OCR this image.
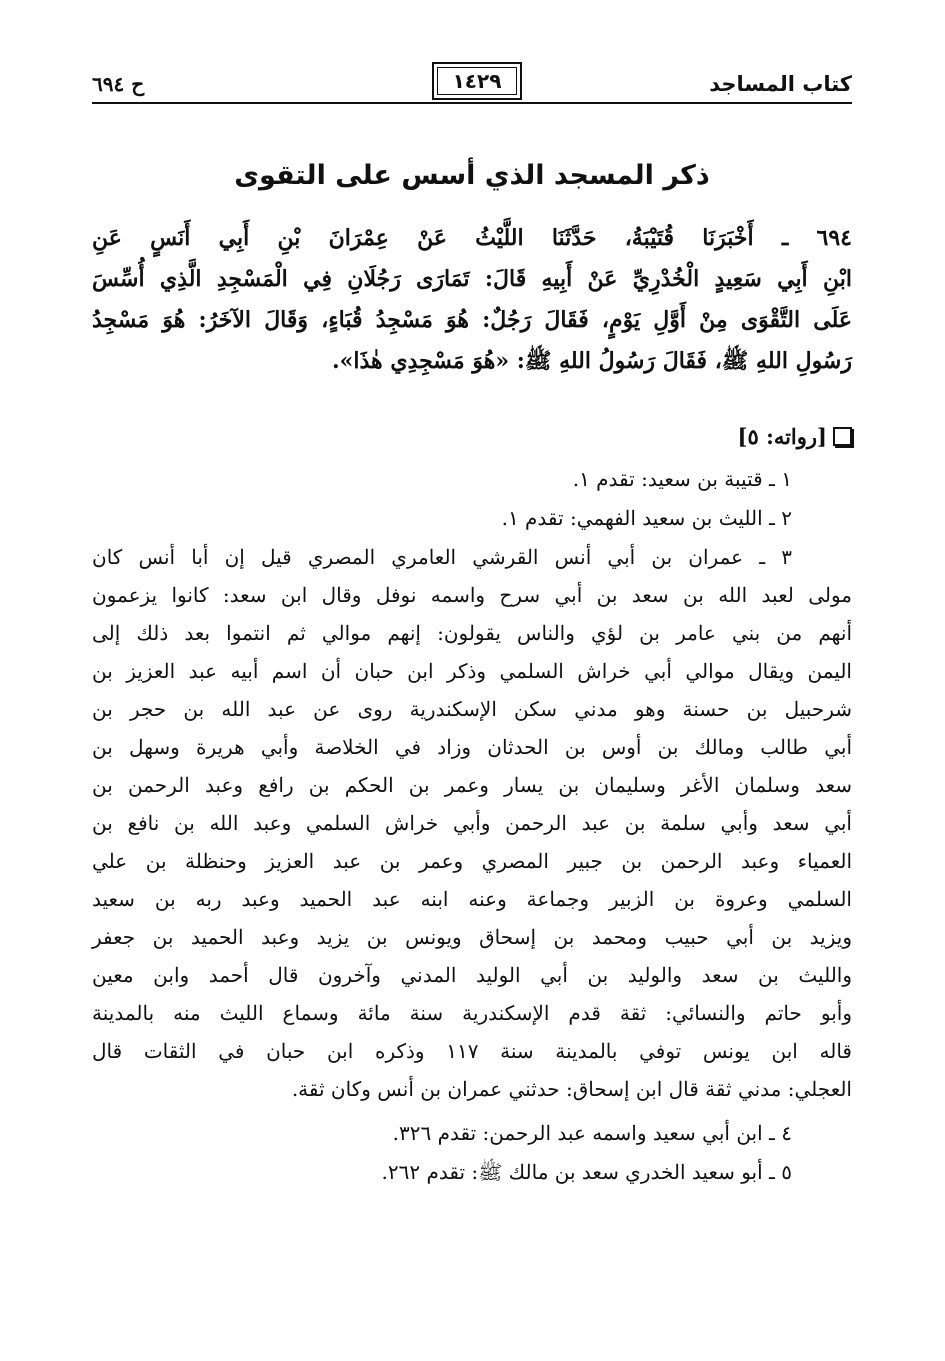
كتاب المساجد
١٤٢٩
ح ٦٩٤
ذكر المسجد الذي أسس على التقوى
٦٩٤ ـ أَخْبَرَنَا قُتَيْبَةُ، حَدَّثَنَا اللَّيْثُ عَنْ عِمْرَانَ بْنِ أَبِي أَنَسٍ عَنِ
ابْنِ أَبِي سَعِيدٍ الْخُدْرِيِّ عَنْ أَبِيهِ قَالَ: تَمَارَى رَجُلَانِ فِي الْمَسْجِدِ الَّذِي أُسِّسَ
عَلَى التَّقْوَى مِنْ أَوَّلِ يَوْمٍ، فَقَالَ رَجُلٌ: هُوَ مَسْجِدُ قُبَاءٍ، وَقَالَ الآخَرُ: هُوَ مَسْجِدُ
رَسُولِ اللهِ ﷺ، فَقَالَ رَسُولُ اللهِ ﷺ: «هُوَ مَسْجِدِي هٰذَا».
[رواته: ٥]
١ ـ قتيبة بن سعيد: تقدم ١.
٢ ـ الليث بن سعيد الفهمي: تقدم ١.
٣ ـ عمران بن أبي أنس القرشي العامري المصري قيل إن أبا أنس كان
مولى لعبد الله بن سعد بن أبي سرح واسمه نوفل وقال ابن سعد: كانوا يزعمون
أنهم من بني عامر بن لؤي والناس يقولون: إنهم موالي ثم انتموا بعد ذلك إلى
اليمن ويقال موالي أبي خراش السلمي وذكر ابن حبان أن اسم أبيه عبد العزيز بن
شرحبيل بن حسنة وهو مدني سكن الإسكندرية روى عن عبد الله بن حجر بن
أبي طالب ومالك بن أوس بن الحدثان وزاد في الخلاصة وأبي هريرة وسهل بن
سعد وسلمان الأغر وسليمان بن يسار وعمر بن الحكم بن رافع وعبد الرحمن بن
أبي سعد وأبي سلمة بن عبد الرحمن وأبي خراش السلمي وعبد الله بن نافع بن
العمياء وعبد الرحمن بن جبير المصري وعمر بن عبد العزيز وحنظلة بن علي
السلمي وعروة بن الزبير وجماعة وعنه ابنه عبد الحميد وعبد ربه بن سعيد
ويزيد بن أبي حبيب ومحمد بن إسحاق ويونس بن يزيد وعبد الحميد بن جعفر
والليث بن سعد والوليد بن أبي الوليد المدني وآخرون قال أحمد وابن معين
وأبو حاتم والنسائي: ثقة قدم الإسكندرية سنة مائة وسماع الليث منه بالمدينة
قاله ابن يونس توفي بالمدينة سنة ١١٧ وذكره ابن حبان في الثقات قال
العجلي: مدني ثقة قال ابن إسحاق: حدثني عمران بن أنس وكان ثقة.
٤ ـ ابن أبي سعيد واسمه عبد الرحمن: تقدم ٣٢٦.
٥ ـ أبو سعيد الخدري سعد بن مالك ﷺ: تقدم ٢٦٢.
